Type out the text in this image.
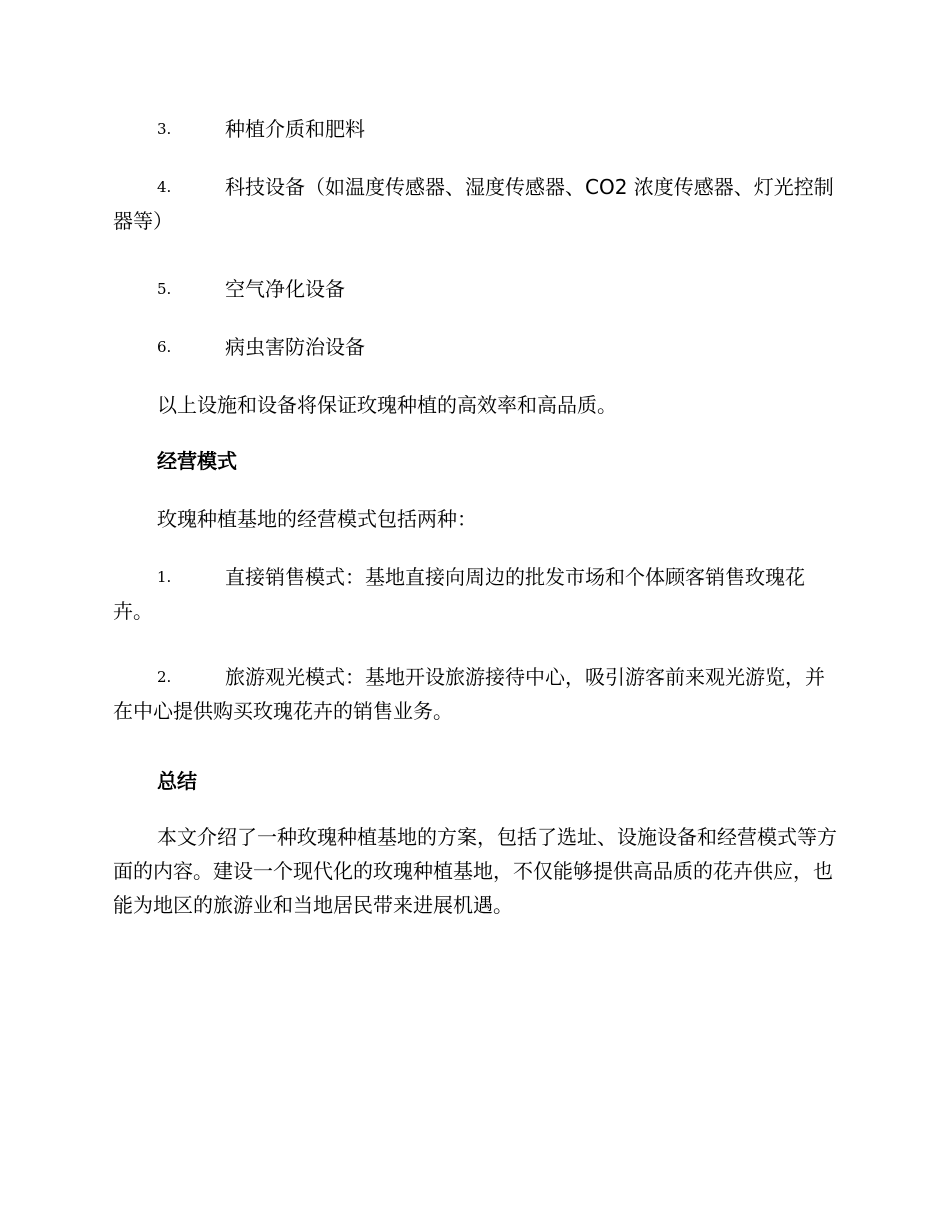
3.	种植介质和肥料
4.	科技设备（如温度传感器、湿度传感器、CO2 浓度传感器、灯光控制器等）
5.	空气净化设备
6.	病虫害防治设备
以上设施和设备将保证玫瑰种植的高效率和高品质。
经营模式
玫瑰种植基地的经营模式包括两种：
1.	直接销售模式：基地直接向周边的批发市场和个体顾客销售玫瑰花卉。
2.	旅游观光模式：基地开设旅游接待中心，吸引游客前来观光游览，并在中心提供购买玫瑰花卉的销售业务。
总结
本文介绍了一种玫瑰种植基地的方案，包括了选址、设施设备和经营模式等方面的内容。建设一个现代化的玫瑰种植基地，不仅能够提供高品质的花卉供应，也能为地区的旅游业和当地居民带来进展机遇。
